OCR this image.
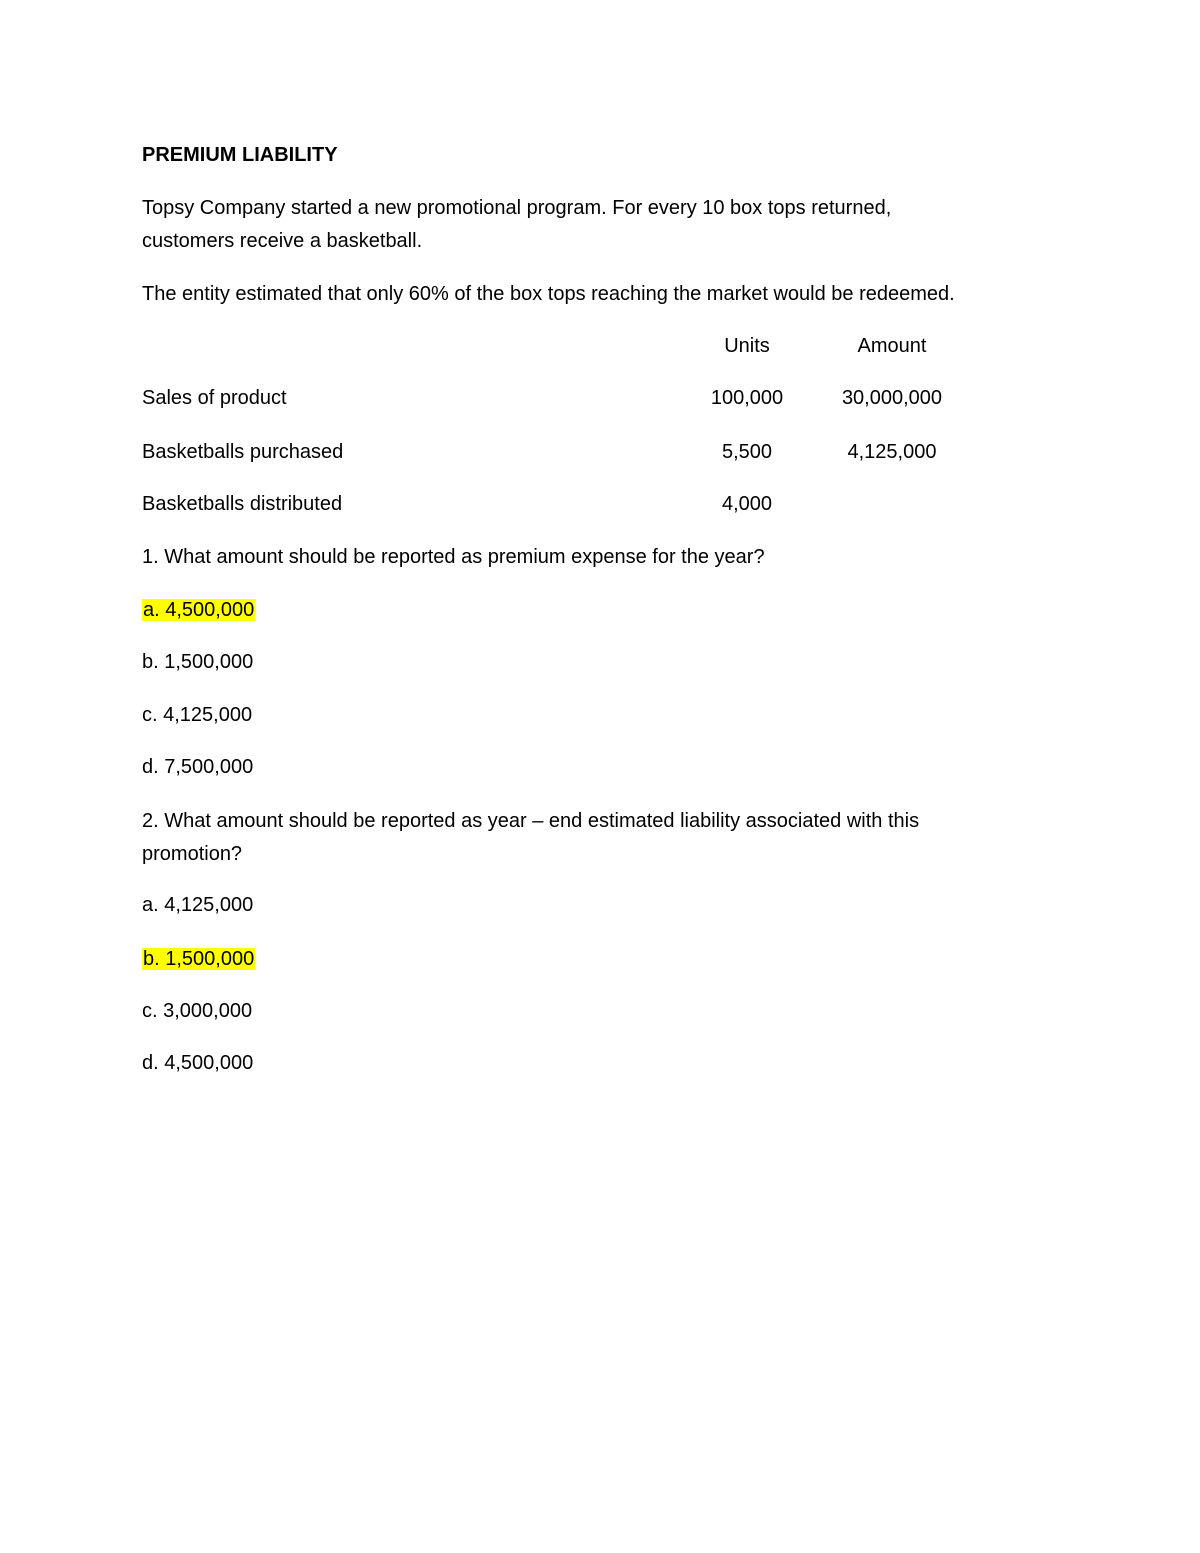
PREMIUM LIABILITY
Topsy Company started a new promotional program. For every 10 box tops returned,
customers receive a basketball.
The entity estimated that only 60% of the box tops reaching the market would be redeemed.
Units	Amount
Sales of product	100,000	30,000,000
Basketballs purchased	5,500	4,125,000
Basketballs distributed	4,000
1. What amount should be reported as premium expense for the year?
a. 4,500,000
b. 1,500,000
c. 4,125,000
d. 7,500,000
2. What amount should be reported as year – end estimated liability associated with this
promotion?
a. 4,125,000
b. 1,500,000
c. 3,000,000
d. 4,500,000
